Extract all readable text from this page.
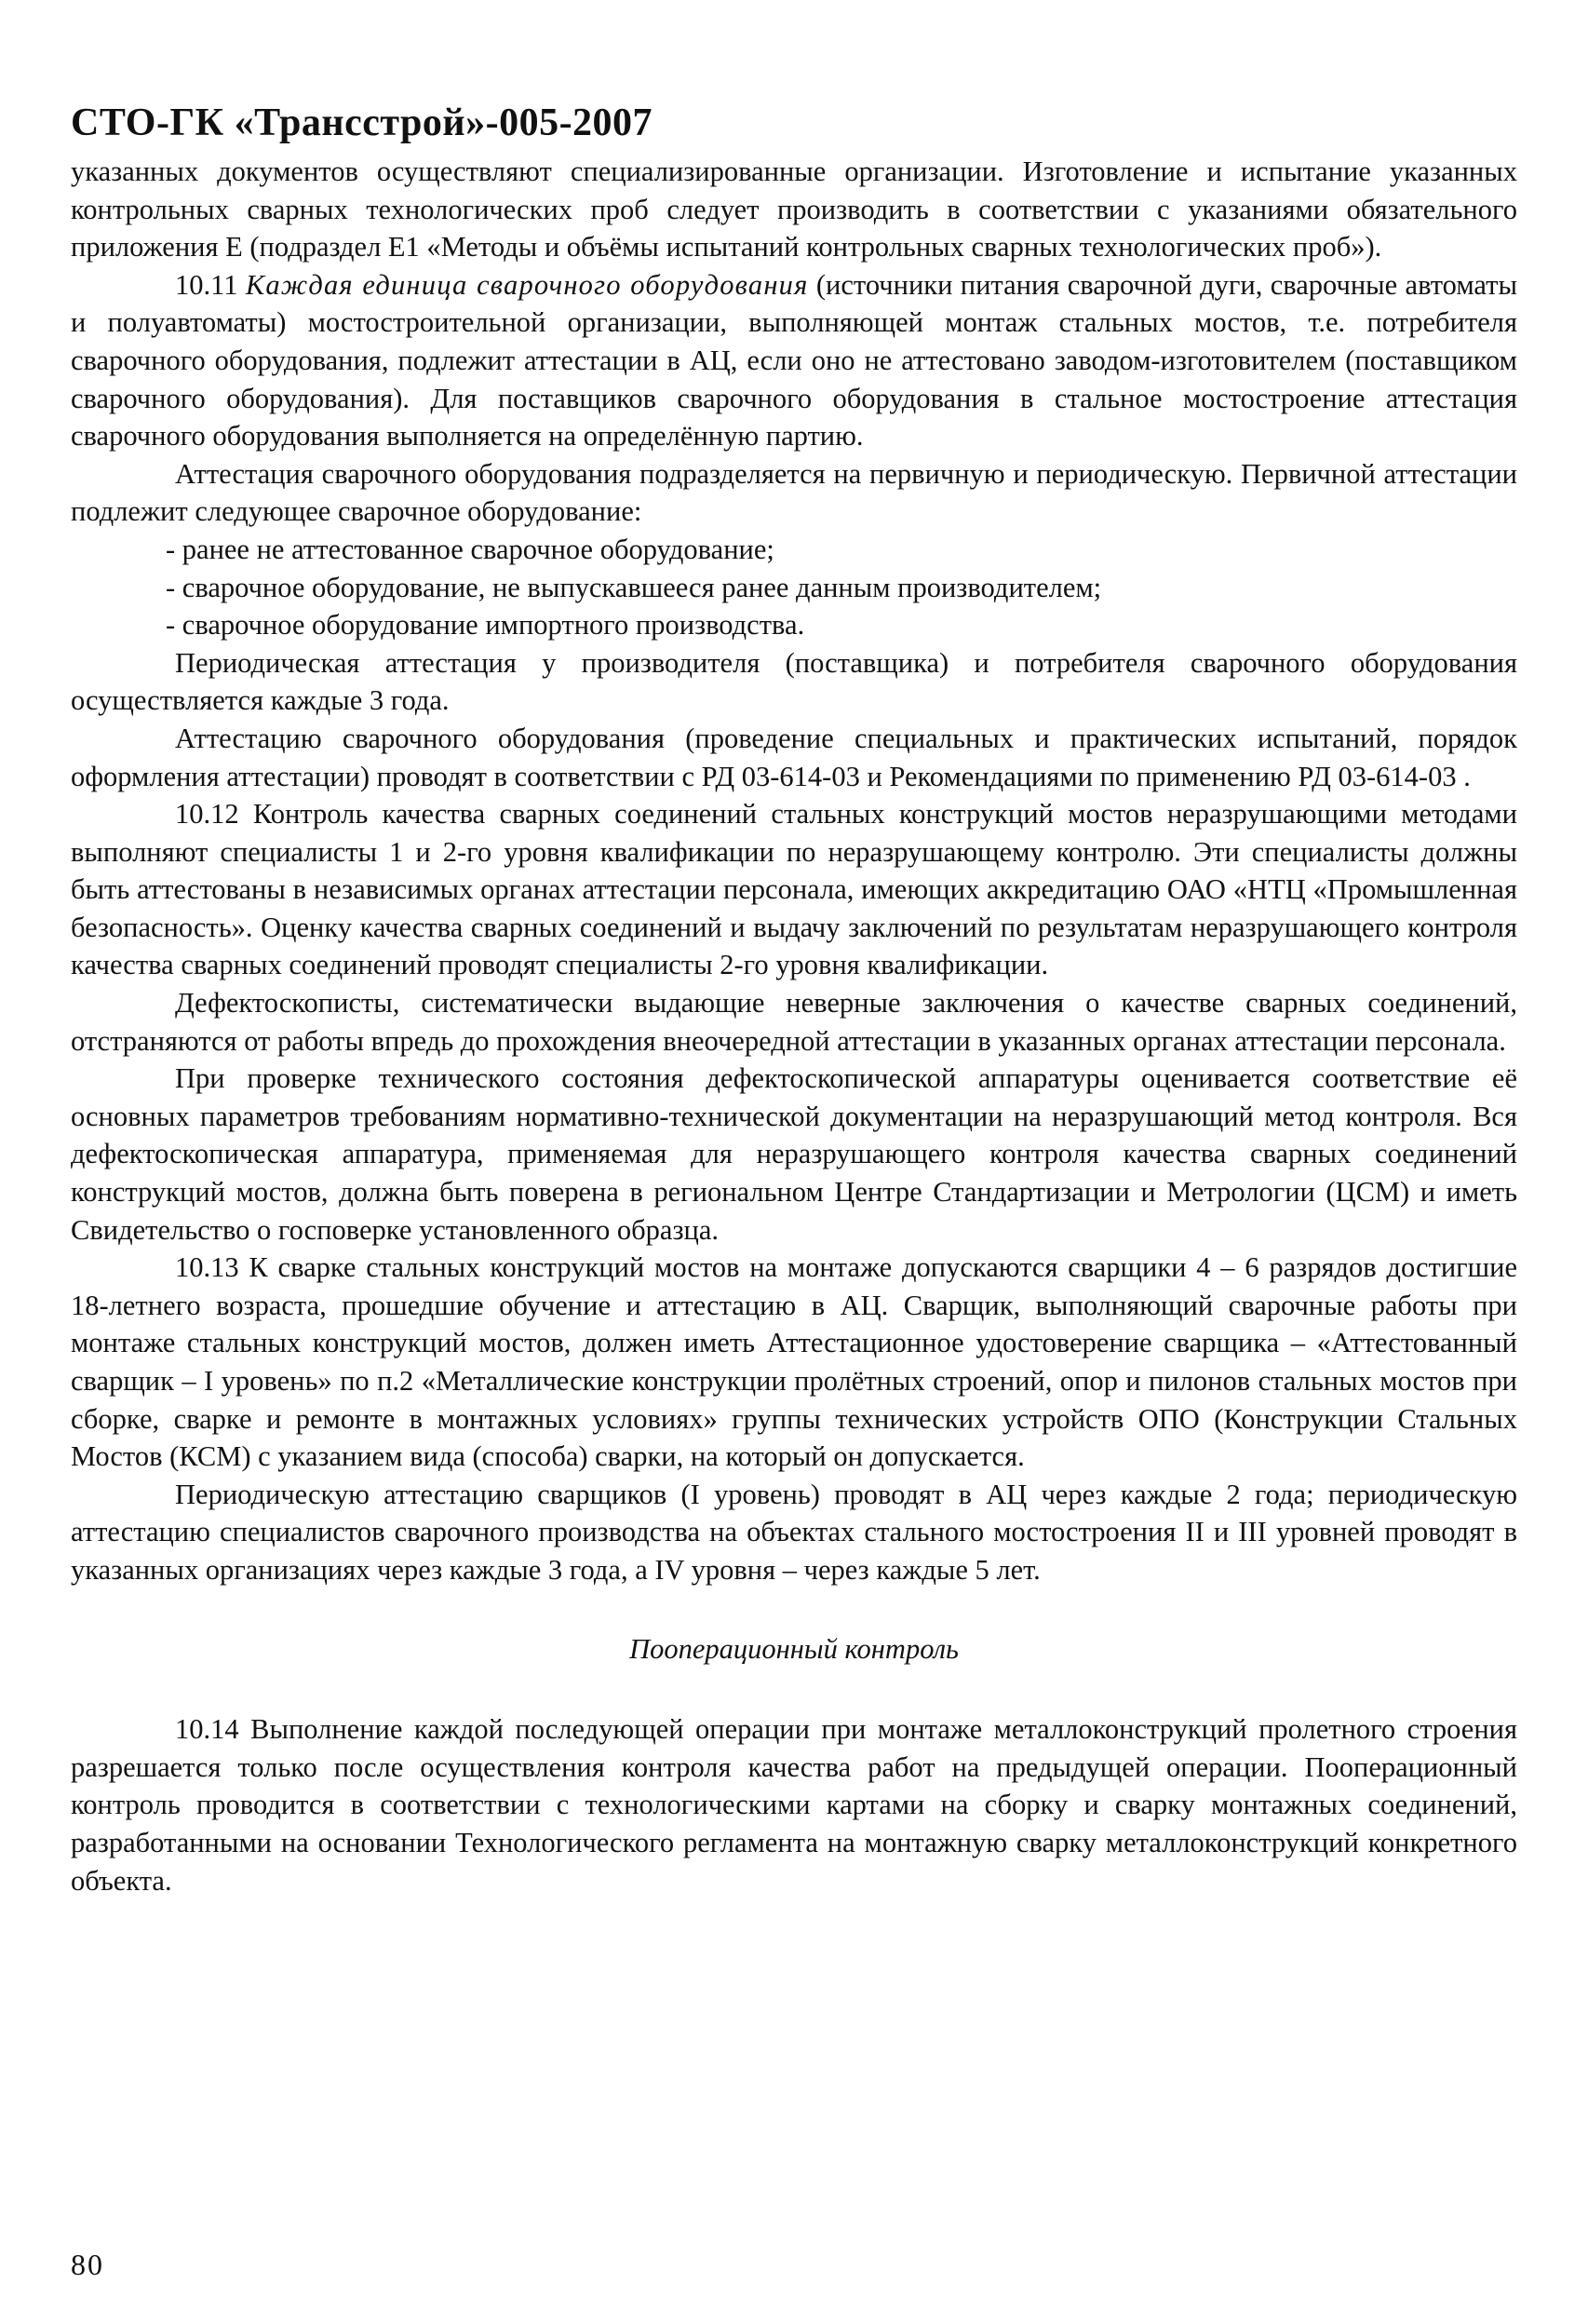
СТО-ГК «Трансстрой»-005-2007

указанных документов осуществляют специализированные организации. Изготовление и испытание указанных контрольных сварных технологических проб следует производить в соответствии с указаниями обязательного приложения Е (подраздел Е1 «Методы и объёмы испытаний контрольных сварных технологических проб»).

10.11 Каждая единица сварочного оборудования (источники питания сварочной дуги, сварочные автоматы и полуавтоматы) мостостроительной организации, выполняющей монтаж стальных мостов, т.е. потребителя сварочного оборудования, подлежит аттестации в АЦ, если оно не аттестовано заводом-изготовителем (поставщиком сварочного оборудования). Для поставщиков сварочного оборудования в стальное мостостроение аттестация сварочного оборудования выполняется на определённую партию.

Аттестация сварочного оборудования подразделяется на первичную и периодическую. Первичной аттестации подлежит следующее сварочное оборудование:

- ранее не аттестованное сварочное оборудование;

- сварочное оборудование, не выпускавшееся ранее данным производителем;

- сварочное оборудование импортного производства.

Периодическая аттестация у производителя (поставщика) и потребителя сварочного оборудования осуществляется каждые 3 года.

Аттестацию сварочного оборудования (проведение специальных и практических испытаний, порядок оформления аттестации) проводят в соответствии с РД 03-614-03 и Рекомендациями по применению РД 03-614-03 .

10.12 Контроль качества сварных соединений стальных конструкций мостов неразрушающими методами выполняют специалисты 1 и 2-го уровня квалификации по неразрушающему контролю. Эти специалисты должны быть аттестованы в независимых органах аттестации персонала, имеющих аккредитацию ОАО «НТЦ «Промышленная безопасность». Оценку качества сварных соединений и выдачу заключений по результатам неразрушающего контроля качества сварных соединений проводят специалисты 2-го уровня квалификации.

Дефектоскописты, систематически выдающие неверные заключения о качестве сварных соединений, отстраняются от работы впредь до прохождения внеочередной аттестации в указанных органах аттестации персонала.

При проверке технического состояния дефектоскопической аппаратуры оценивается соответствие её основных параметров требованиям нормативно-технической документации на неразрушающий метод контроля. Вся дефектоскопическая аппаратура, применяемая для неразрушающего контроля качества сварных соединений конструкций мостов, должна быть поверена в региональном Центре Стандартизации и Метрологии (ЦСМ) и иметь Свидетельство о госповерке установленного образца.

10.13 К сварке стальных конструкций мостов на монтаже допускаются сварщики 4 – 6 разрядов достигшие 18-летнего возраста, прошедшие обучение и аттестацию в АЦ. Сварщик, выполняющий сварочные работы при монтаже стальных конструкций мостов, должен иметь Аттестационное удостоверение сварщика – «Аттестованный сварщик – I уровень» по п.2 «Металлические конструкции пролётных строений, опор и пилонов стальных мостов при сборке, сварке и ремонте в монтажных условиях» группы технических устройств ОПО (Конструкции Стальных Мостов (КСМ) с указанием вида (способа) сварки, на который он допускается.

Периодическую аттестацию сварщиков (I уровень) проводят в АЦ через каждые 2 года; периодическую аттестацию специалистов сварочного производства на объектах стального мостостроения II и III уровней проводят в указанных организациях через каждые 3 года, а IV уровня – через каждые 5 лет.

Пооперационный контроль

10.14 Выполнение каждой последующей операции при монтаже металлоконструкций пролетного строения разрешается только после осуществления контроля качества работ на предыдущей операции. Пооперационный контроль проводится в соответствии с технологическими картами на сборку и сварку монтажных соединений, разработанными на основании Технологического регламента на монтажную сварку металлоконструкций конкретного объекта.

80
